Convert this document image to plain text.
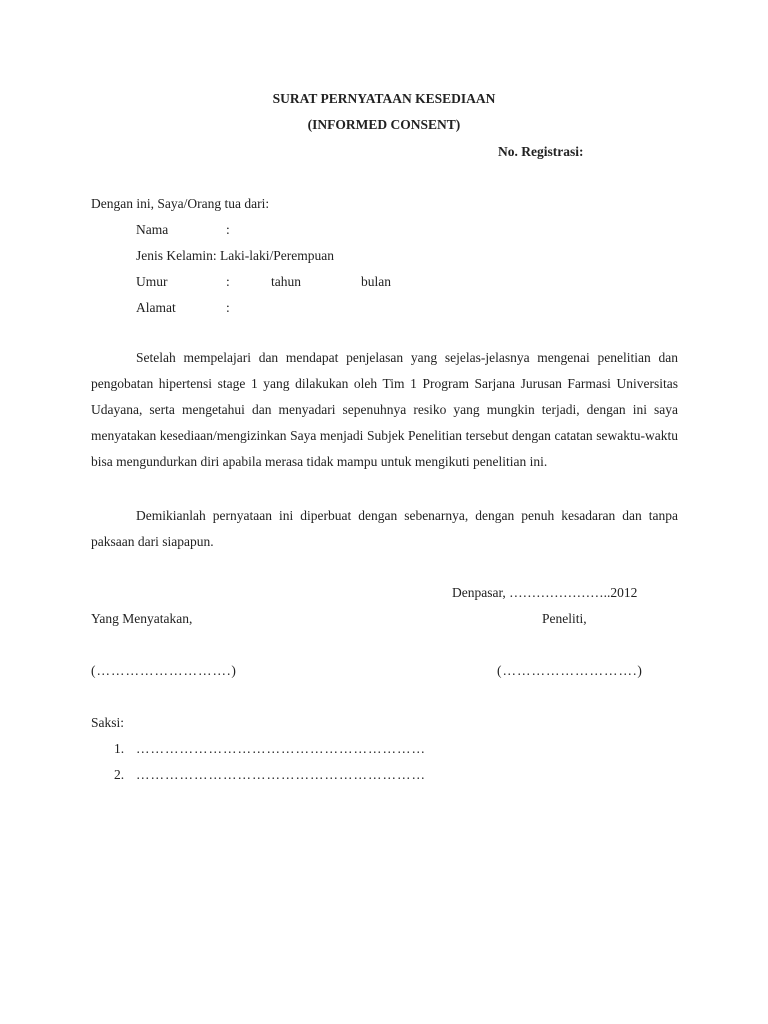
SURAT PERNYATAAN KESEDIAAN
(INFORMED CONSENT)
No. Registrasi:
Dengan ini, Saya/Orang tua dari:
Nama	:
Jenis Kelamin: Laki-laki/Perempuan
Umur	:	tahun	bulan
Alamat	:
Setelah mempelajari dan mendapat penjelasan yang sejelas-jelasnya mengenai penelitian dan pengobatan hipertensi stage 1 yang dilakukan oleh Tim 1 Program Sarjana Jurusan Farmasi Universitas Udayana, serta mengetahui dan menyadari sepenuhnya resiko yang mungkin terjadi, dengan ini saya menyatakan kesediaan/mengizinkan Saya menjadi Subjek Penelitian tersebut dengan catatan sewaktu-waktu bisa mengundurkan diri apabila merasa tidak mampu untuk mengikuti penelitian ini.
Demikianlah pernyataan ini diperbuat dengan sebenarnya, dengan penuh kesadaran dan tanpa paksaan dari siapapun.
Denpasar, …………………..2012
Yang Menyatakan,	Peneliti,
(……………………….)	(……………………….)
Saksi:
1. ……………………………………………………
2. ……………………………………………………
